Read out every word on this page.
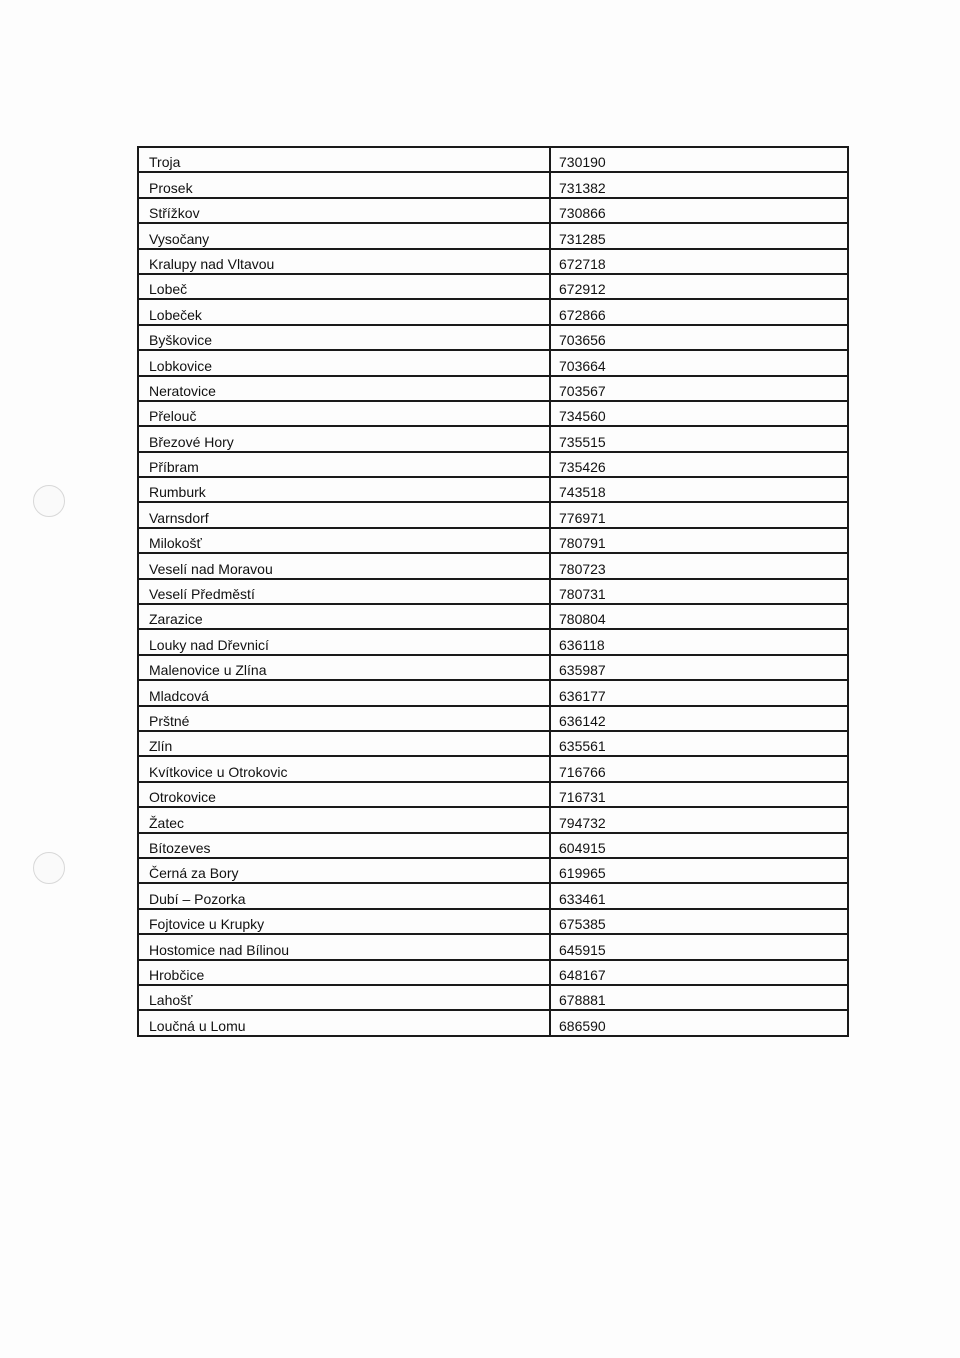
Troja	730190
Prosek	731382
Střížkov	730866
Vysočany	731285
Kralupy nad Vltavou	672718
Lobeč	672912
Lobeček	672866
Byškovice	703656
Lobkovice	703664
Neratovice	703567
Přelouč	734560
Březové Hory	735515
Příbram	735426
Rumburk	743518
Varnsdorf	776971
Milokošť	780791
Veselí nad Moravou	780723
Veselí Předměstí	780731
Zarazice	780804
Louky nad Dřevnicí	636118
Malenovice u Zlína	635987
Mladcová	636177
Prštné	636142
Zlín	635561
Kvítkovice u Otrokovic	716766
Otrokovice	716731
Žatec	794732
Bítozeves	604915
Černá za Bory	619965
Dubí – Pozorka	633461
Fojtovice u Krupky	675385
Hostomice nad Bílinou	645915
Hrobčice	648167
Lahošť	678881
Loučná u Lomu	686590
